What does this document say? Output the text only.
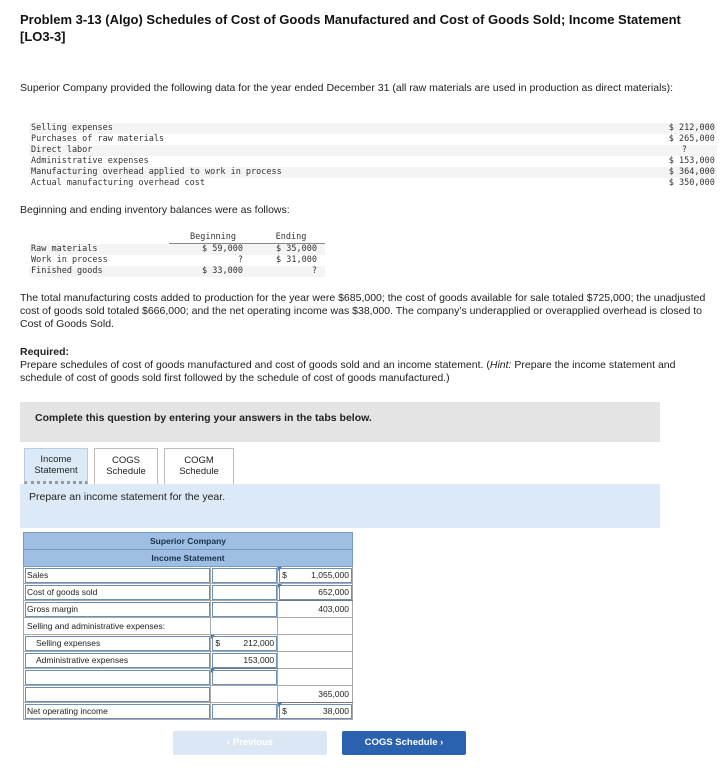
Problem 3-13 (Algo) Schedules of Cost of Goods Manufactured and Cost of Goods Sold; Income Statement [LO3-3]
Superior Company provided the following data for the year ended December 31 (all raw materials are used in production as direct materials):
Selling expenses	$ 212,000
Purchases of raw materials	$ 265,000
Direct labor	?
Administrative expenses	$ 153,000
Manufacturing overhead applied to work in process	$ 364,000
Actual manufacturing overhead cost	$ 350,000
Beginning and ending inventory balances were as follows:
	Beginning	Ending
Raw materials	$ 59,000	$ 35,000
Work in process	?	$ 31,000
Finished goods	$ 33,000	?
The total manufacturing costs added to production for the year were $685,000; the cost of goods available for sale totaled $725,000; the unadjusted cost of goods sold totaled $666,000; and the net operating income was $38,000. The company’s underapplied or overapplied overhead is closed to Cost of Goods Sold.
Required:
Prepare schedules of cost of goods manufactured and cost of goods sold and an income statement. (Hint: Prepare the income statement and schedule of cost of goods sold first followed by the schedule of cost of goods manufactured.)
Complete this question by entering your answers in the tabs below.
Income
Statement
COGS
Schedule
COGM
Schedule
Prepare an income statement for the year.
Superior Company		
Income Statement		
Sales		$ 1,055,000
Cost of goods sold		652,000
Gross margin		403,000
Selling and administrative expenses:		
Selling expenses	$ 212,000	
Administrative expenses	153,000	

		365,000
Net operating income		$ 38,000
‹ Previous	COGS Schedule ›
